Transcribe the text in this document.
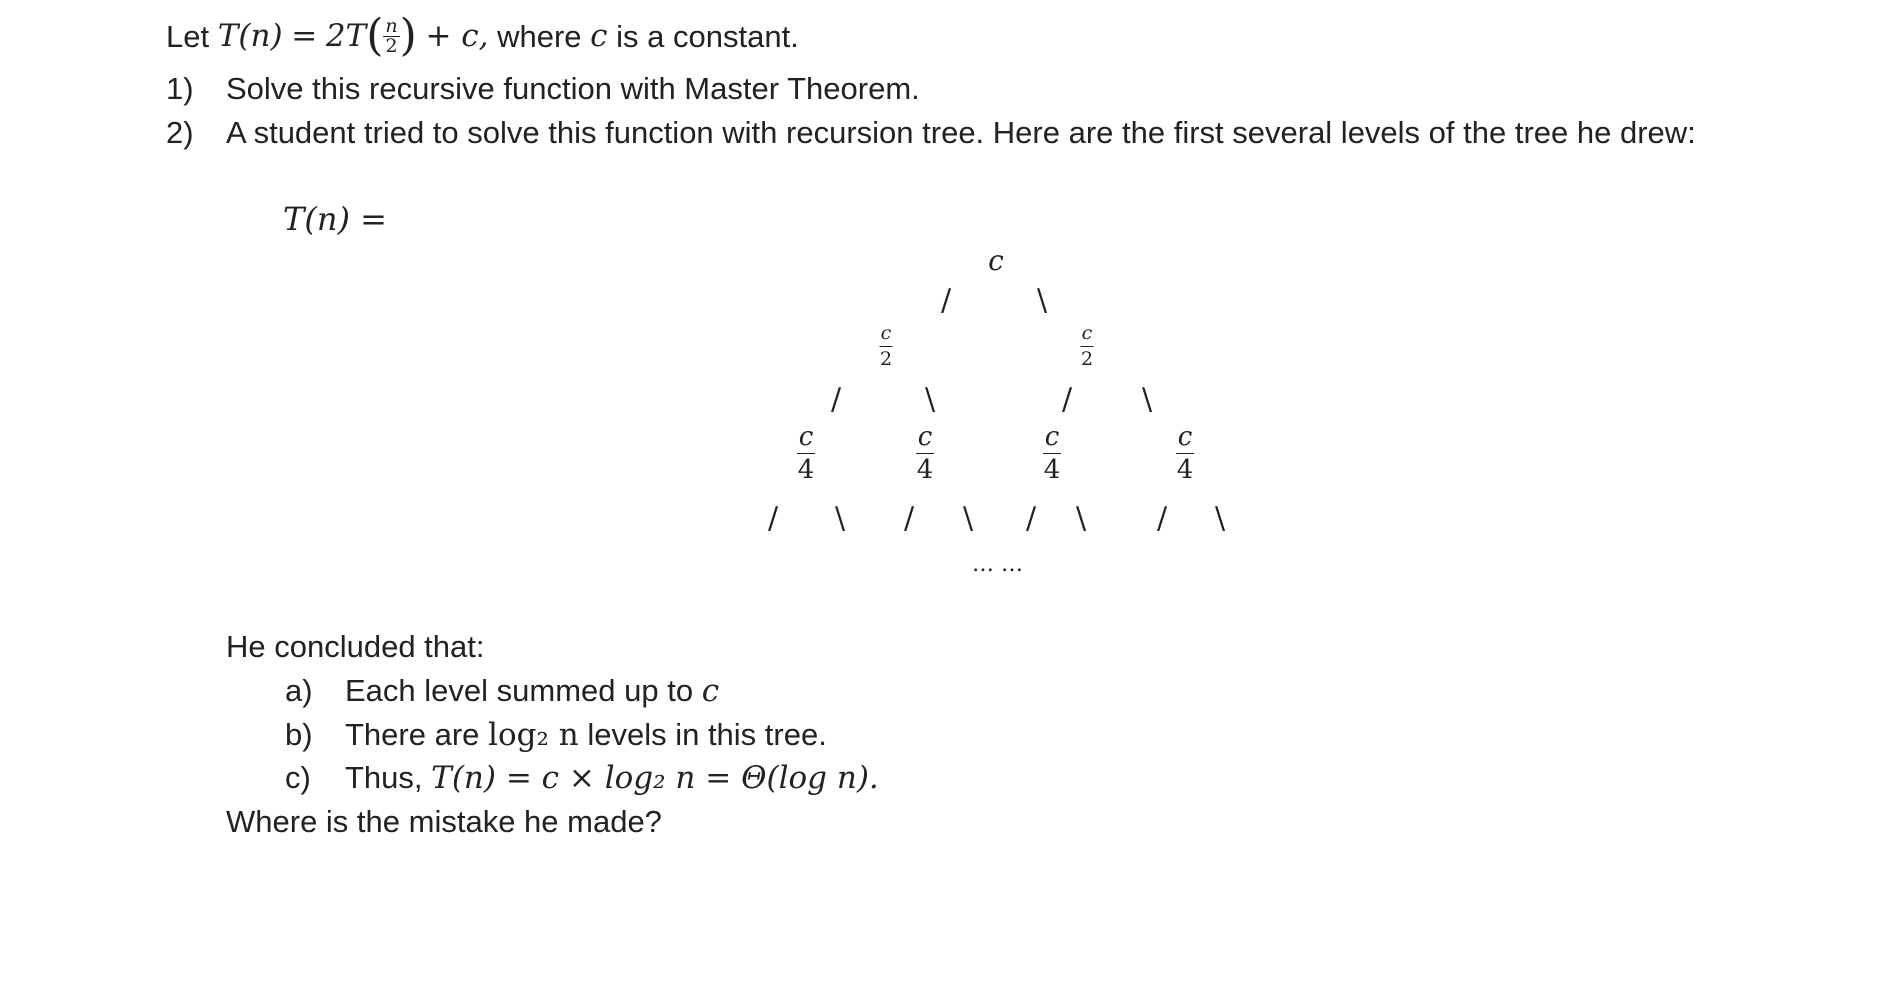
Let
T(n)
=
2T ( $\frac{n}{2}$ )
+ c,
where
c
is a constant.
1) Solve this recursive function with Master Theorem.
2) A student tried to solve this function with recursion tree. Here are the first several levels of the tree he drew:
T(n) =
c
/	\
c
2
c
2
/	\	/ \
c
4
c
4
c
4
c
4
/ \ / \ / \ / \
… …
He concluded that:
a) Each level summed up to c
b) There are log₂ n levels in this tree.
c) Thus, T(n) = c × log₂ n = Θ(log n).
Where is the mistake he made?
